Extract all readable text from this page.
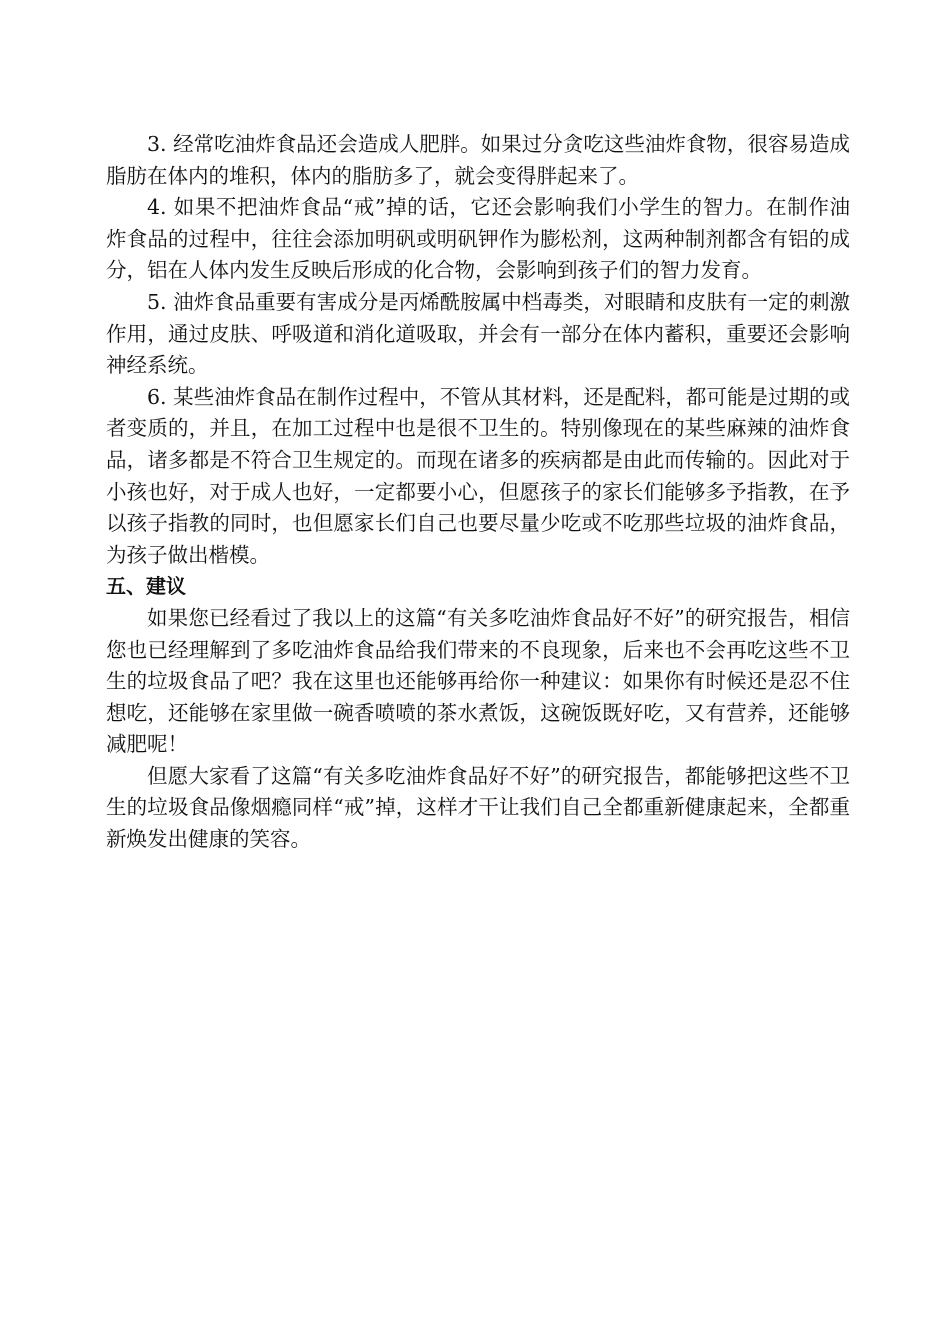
3. 经常吃油炸食品还会造成人肥胖。如果过分贪吃这些油炸食物，很容易造成脂肪在体内的堆积，体内的脂肪多了，就会变得胖起来了。

4. 如果不把油炸食品“戒”掉的话，它还会影响我们小学生的智力。在制作油炸食品的过程中，往往会添加明矾或明矾钾作为膨松剂，这两种制剂都含有铝的成分，铝在人体内发生反映后形成的化合物，会影响到孩子们的智力发育。

5. 油炸食品重要有害成分是丙烯酰胺属中档毒类，对眼睛和皮肤有一定的刺激作用，通过皮肤、呼吸道和消化道吸取，并会有一部分在体内蓄积，重要还会影响神经系统。

6. 某些油炸食品在制作过程中，不管从其材料，还是配料，都可能是过期的或者变质的，并且，在加工过程中也是很不卫生的。特别像现在的某些麻辣的油炸食品，诸多都是不符合卫生规定的。而现在诸多的疾病都是由此而传输的。因此对于小孩也好，对于成人也好，一定都要小心，但愿孩子的家长们能够多予指教，在予以孩子指教的同时，也但愿家长们自己也要尽量少吃或不吃那些垃圾的油炸食品，为孩子做出楷模。

五、建议

如果您已经看过了我以上的这篇“有关多吃油炸食品好不好”的研究报告，相信您也已经理解到了多吃油炸食品给我们带来的不良现象，后来也不会再吃这些不卫生的垃圾食品了吧？我在这里也还能够再给你一种建议：如果你有时候还是忍不住想吃，还能够在家里做一碗香喷喷的茶水煮饭，这碗饭既好吃，又有营养，还能够减肥呢！

但愿大家看了这篇“有关多吃油炸食品好不好”的研究报告，都能够把这些不卫生的垃圾食品像烟瘾同样“戒”掉，这样才干让我们自己全都重新健康起来，全都重新焕发出健康的笑容。
